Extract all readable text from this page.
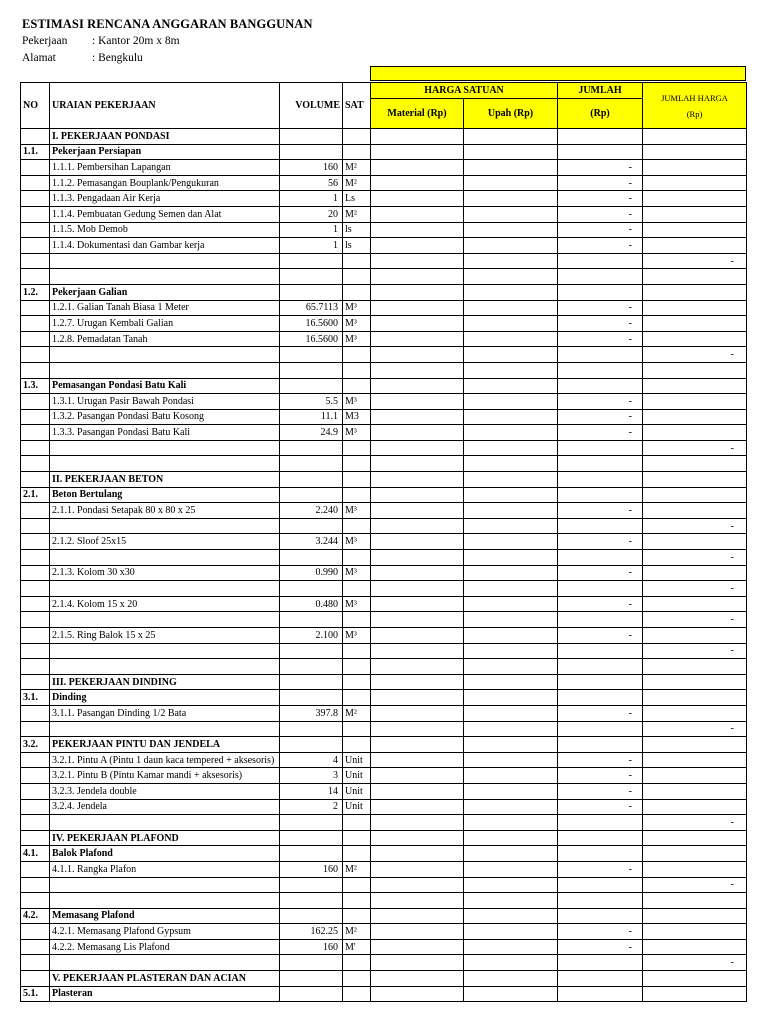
ESTIMASI RENCANA ANGGARAN BANGGUNAN
Pekerjaan : Kantor 20m x 8m
Alamat	: Bengkulu
NO	URAIAN PEKERJAAN	VOLUME	SAT	HARGA SATUAN		JUMLAH	JUMLAH HARGA
(Rp)

				Material (Rp)	Upah (Rp)	(Rp)	
	I. PEKERJAAN PONDASI						
1.1.	Pekerjaan Persiapan						
	1.1.1. Pembersihan Lapangan	160	M²			-	
	1.1.2. Pemasangan Bouplank/Pengukuran	56	M²			-	
	1.1.3. Pengadaan Air Kerja	1	Ls			-	
	1.1.4. Pembuatan Gedung Semen dan Alat	20	M²			-	
	1.1.5. Mob Demob	1	ls			-	
	1.1.4. Dokumentasi dan Gambar kerja	1	ls			-	
							-

1.2.	Pekerjaan Galian						
	1.2.1. Galian Tanah Biasa 1 Meter	65.7113	M³			-	
	1.2.7. Urugan Kembali Galian	16.5600	M³			-	
	1.2.8. Pemadatan Tanah	16.5600	M³			-	
							-

1.3.	Pemasangan Pondasi Batu Kali						
	1.3.1. Urugan Pasir Bawah Pondasi	5.5	M³			-	
	1.3.2. Pasangan Pondasi Batu Kosong	11.1	M3			-	
	1.3.3. Pasangan Pondasi Batu Kali	24.9	M³			-	
							-

	II. PEKERJAAN BETON						
2.1.	Beton Bertulang						
	2.1.1. Pondasi Setapak 80 x 80 x 25	2.240	M³			-	
							-
	2.1.2. Sloof 25x15	3.244	M³			-	
							-
	2.1.3. Kolom 30 x30	0.990	M³			-	
							-
	2.1.4. Kolom 15 x 20	0.480	M³			-	
							-
	2.1.5. Ring Balok 15 x 25	2.100	M³			-	
							-

	III. PEKERJAAN DINDING						
3.1.	Dinding						
	3.1.1. Pasangan Dinding 1/2 Bata	397.8	M²			-	
							-
3.2.	PEKERJAAN PINTU DAN JENDELA						
	3.2.1. Pintu A (Pintu 1 daun kaca tempered + aksesoris)	4	Unit			-	
	3.2.1. Pintu B (Pintu Kamar mandi + aksesoris)	3	Unit			-	
	3.2.3. Jendela double	14	Unit			-	
	3.2.4. Jendela	2	Unit			-	
							-
	IV. PEKERJAAN PLAFOND						
4.1.	Balok Plafond						
	4.1.1. Rangka Plafon	160	M²			-	
							-

4.2.	Memasang Plafond						
	4.2.1. Memasang Plafond Gypsum	162.25	M²			-	
	4.2.2. Memasang Lis Plafond	160	M'			-	
							-
	V. PEKERJAAN PLASTERAN DAN ACIAN						
5.1.	Plasteran						
